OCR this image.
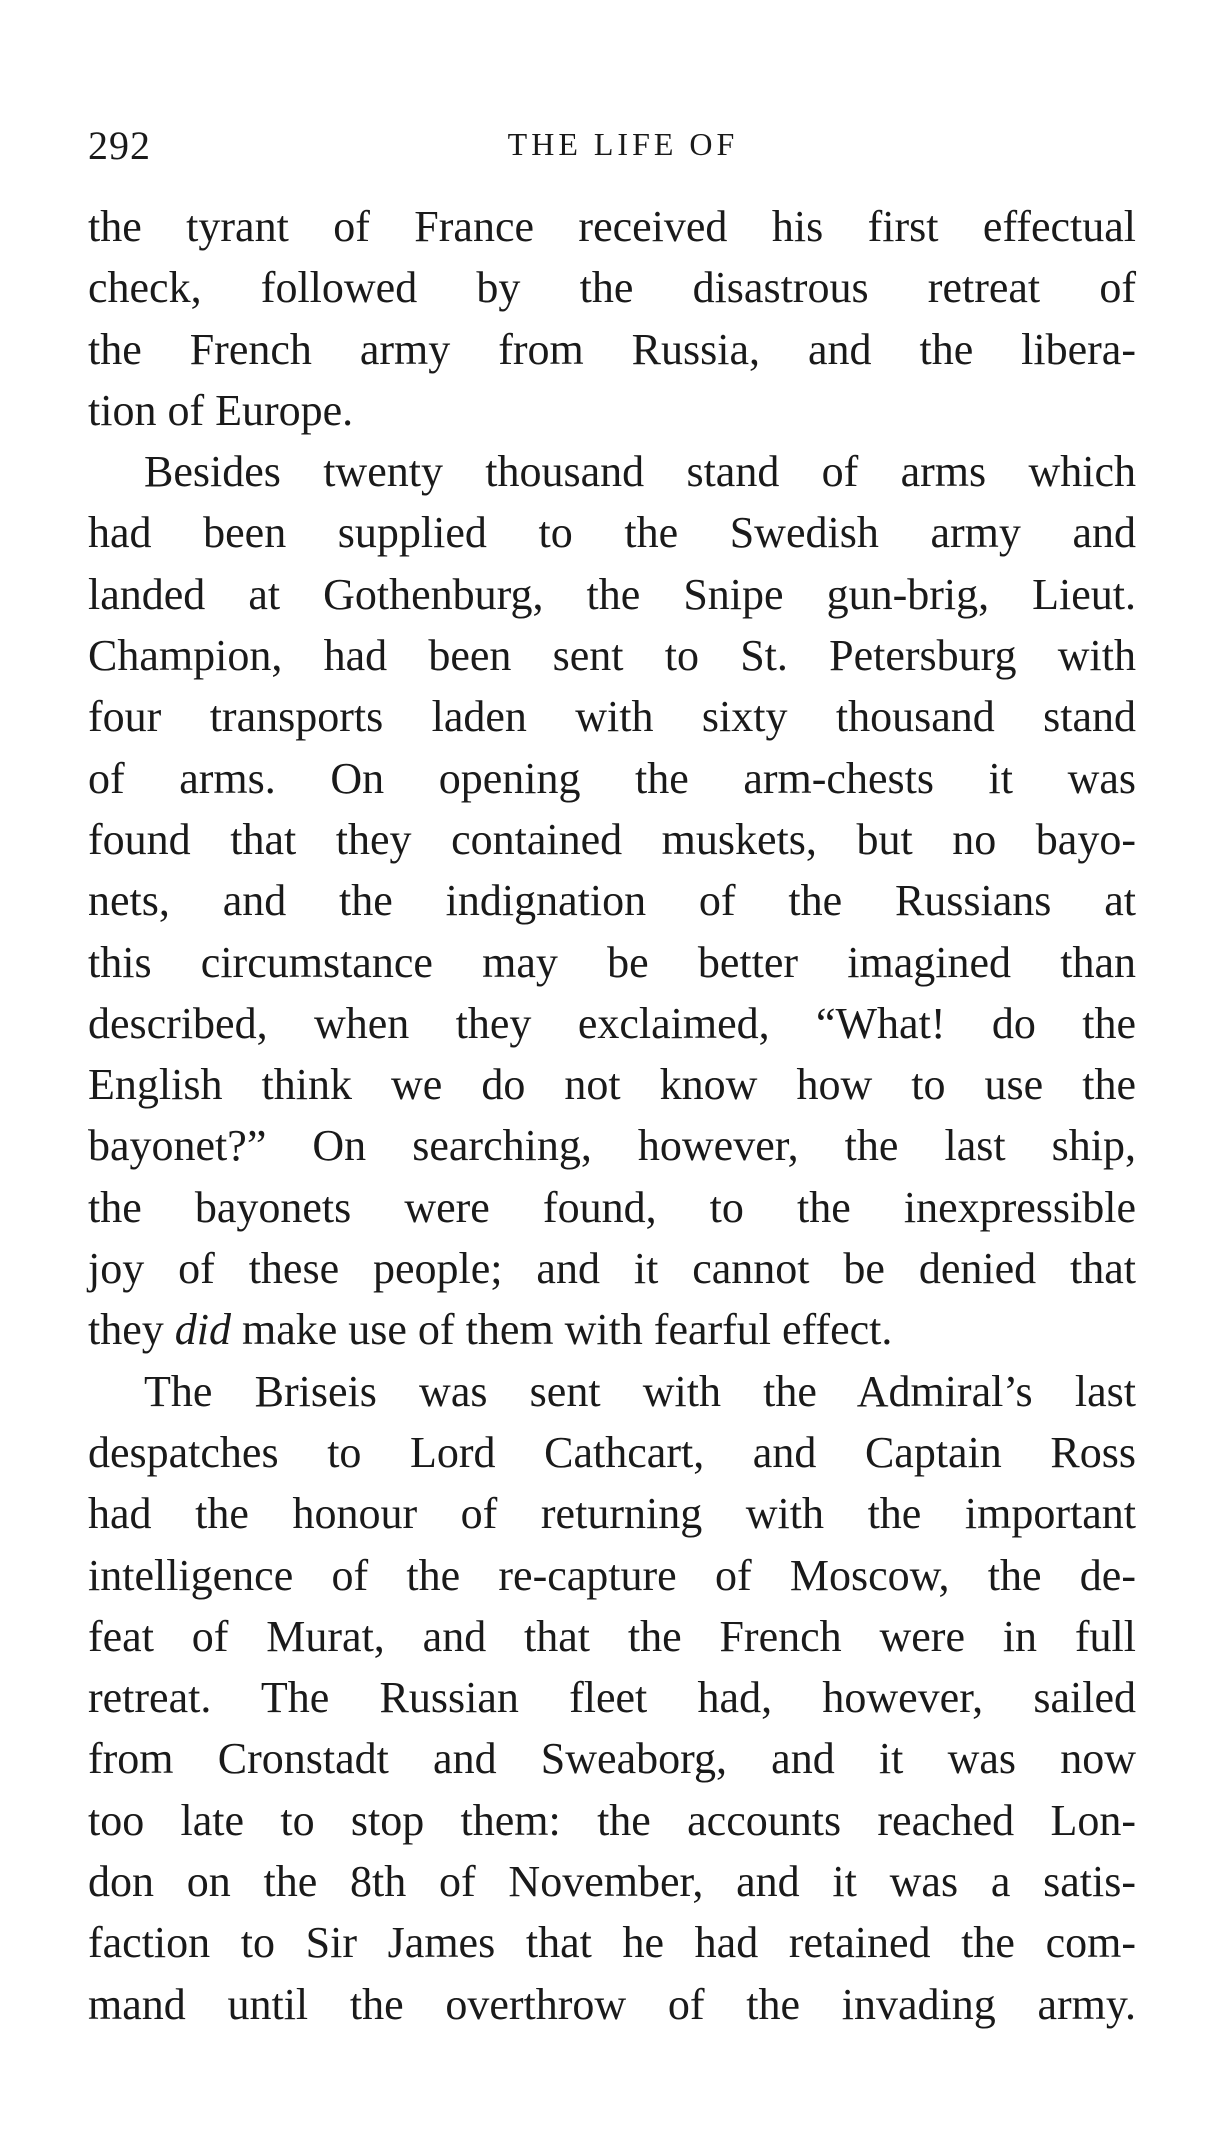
292	THE LIFE OF
the tyrant of France received his first effectual
check, followed by the disastrous retreat of
the French army from Russia, and the libera-
tion of Europe.
Besides twenty thousand stand of arms which
had been supplied to the Swedish army and
landed at Gothenburg, the Snipe gun-brig, Lieut.
Champion, had been sent to St. Petersburg with
four transports laden with sixty thousand stand
of arms. On opening the arm-chests it was
found that they contained muskets, but no bayo-
nets, and the indignation of the Russians at
this circumstance may be better imagined than
described, when they exclaimed, “What! do the
English think we do not know how to use the
bayonet?” On searching, however, the last ship,
the bayonets were found, to the inexpressible
joy of these people; and it cannot be denied that
they did make use of them with fearful effect.
The Briseis was sent with the Admiral’s last
despatches to Lord Cathcart, and Captain Ross
had the honour of returning with the important
intelligence of the re-capture of Moscow, the de-
feat of Murat, and that the French were in full
retreat. The Russian fleet had, however, sailed
from Cronstadt and Sweaborg, and it was now
too late to stop them: the accounts reached Lon-
don on the 8th of November, and it was a satis-
faction to Sir James that he had retained the com-
mand until the overthrow of the invading army.
